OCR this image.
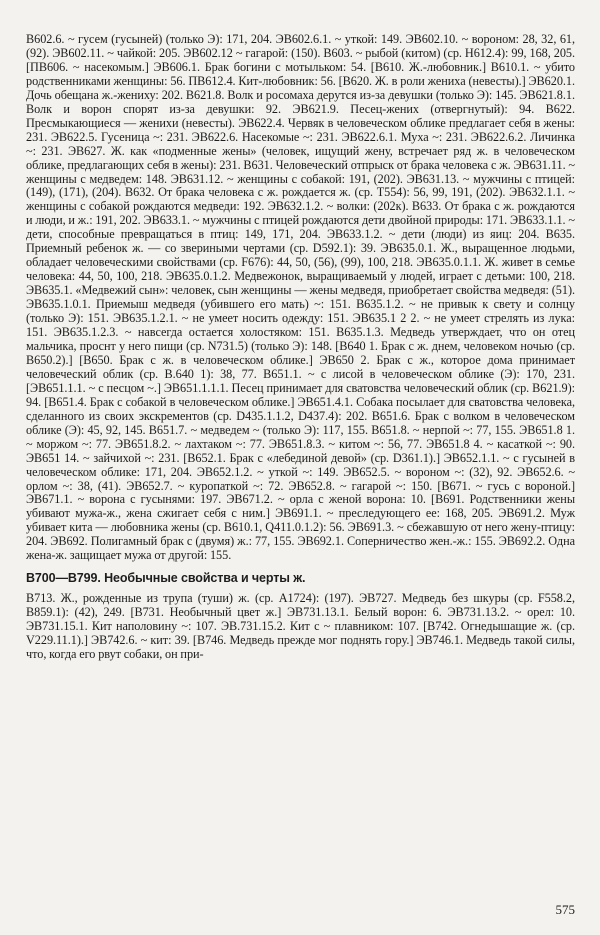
В602.6. ~ гусем (гусыней) (только Э): 171, 204. ЭВ602.6.1. ~ уткой: 149. ЭВ602.10. ~ вороном: 28, 32, 61, (92). ЭВ602.11. ~ чайкой: 205. ЭВ602.12 ~ гагарой: (150). В603. ~ рыбой (китом) (ср. Н612.4): 99, 168, 205. [ПВ606. ~ насекомым.] ЭВ606.1. Брак богини с мотыльком: 54. [В610. Ж.-любовник.] В610.1. ~ убито родственниками женщины: 56. ПВ612.4. Кит-любовник: 56. [В620. Ж. в роли жениха (невесты).] ЭВ620.1. Дочь обещана ж.-жениху: 202. В621.8. Волк и росомаха дерутся из-за девушки (только Э): 145. ЭВ621.8.1. Волк и ворон спорят из-за девушки: 92. ЭВ621.9. Песец-жених (отвергнутый): 94. В622. Пресмыкающиеся — женихи (невесты). ЭВ622.4. Червяк в человеческом облике предлагает себя в жены: 231. ЭВ622.5. Гусеница ~: 231. ЭВ622.6. Насекомые ~: 231. ЭВ622.6.1. Муха ~: 231. ЭВ622.6.2. Личинка ~: 231. ЭВ627. Ж. как «подменные жены» (человек, ищущий жену, встречает ряд ж. в человеческом облике, предлагающих себя в жены): 231. В631. Человеческий отпрыск от брака человека с ж. ЭВ631.11. ~ женщины с медведем: 148. ЭВ631.12. ~ женщины с собакой: 191, (202). ЭВ631.13. ~ мужчины с птицей: (149), (171), (204). В632. От брака человека с ж. рождается ж. (ср. Т554): 56, 99, 191, (202). ЭВ632.1.1. ~ женщины с собакой рождаются медведи: 192. ЭВ632.1.2. ~ волки: (202к). В633. От брака с ж. рождаются и люди, и ж.: 191, 202. ЭВ633.1. ~ мужчины с птицей рождаются дети двойной природы: 171. ЭВ633.1.1. ~ дети, способные превращаться в птиц: 149, 171, 204. ЭВ633.1.2. ~ дети (люди) из яиц: 204. В635. Приемный ребенок ж. — со звериными чертами (ср. D592.1): 39. ЭВ635.0.1. Ж., выращенное людьми, обладает человеческими свойствами (ср. F676): 44, 50, (56), (99), 100, 218. ЭВ635.0.1.1. Ж. живет в семье человека: 44, 50, 100, 218. ЭВ635.0.1.2. Медвежонок, выращиваемый у людей, играет с детьми: 100, 218. ЭВ635.1. «Медвежий сын»: человек, сын женщины — жены медведя, приобретает свойства медведя: (51). ЭВ635.1.0.1. Приемыш медведя (убившего его мать) ~: 151. В635.1.2. ~ не привык к свету и солнцу (только Э): 151. ЭВ635.1.2.1. ~ не умеет носить одежду: 151. ЭВ635.1 2 2. ~ не умеет стрелять из лука: 151. ЭВ635.1.2.3. ~ навсегда остается холостяком: 151. В635.1.3. Медведь утверждает, что он отец мальчика, проснт у него пищи (ср. N731.5) (только Э): 148. [В640 1. Брак с ж. днем, человеком ночью (ср. В650.2).] [В650. Брак с ж. в человеческом облике.] ЭВ650 2. Брак с ж., которое дома принимает человеческий облик (ср. В.640 1): 38, 77. В651.1. ~ с лисой в человеческом облике (Э): 170, 231. [ЭВ651.1.1. ~ с песцом ~.] ЭВ651.1.1.1. Песец принимает для сватовства человеческий облик (ср. В621.9): 94. [В651.4. Брак с собакой в человеческом облике.] ЭВ651.4.1. Собака посылает для сватовства человека, сделанного из своих экскрементов (ср. D435.1.1.2, D437.4): 202. В651.6. Брак с волком в человеческом облике (Э): 45, 92, 145. В651.7. ~ медведем ~ (только Э): 117, 155. В651.8. ~ нерпой ~: 77, 155. ЭВ651.8 1. ~ моржом ~: 77. ЭВ651.8.2. ~ лахтаком ~: 77. ЭВ651.8.3. ~ китом ~: 56, 77. ЭВ651.8 4. ~ касаткой ~: 90. ЭВ651 14. ~ зайчихой ~: 231. [В652.1. Брак с «лебединой девой» (ср. D361.1).] ЭВ652.1.1. ~ с гусыней в человеческом облике: 171, 204. ЭВ652.1.2. ~ уткой ~: 149. ЭВ652.5. ~ вороном ~: (32), 92. ЭВ652.6. ~ орлом ~: 38, (41). ЭВ652.7. ~ куропаткой ~: 72. ЭВ652.8. ~ гагарой ~: 150. [В671. ~ гусь с вороной.] ЭВ671.1. ~ ворона с гусынями: 197. ЭВ671.2. ~ орла с женой ворона: 10. [В691. Родственники жены убивают мужа-ж., жена сжигает себя с ним.] ЭВ691.1. ~ преследующего ее: 168, 205. ЭВ691.2. Муж убивает кита — любовника жены (ср. В610.1, Q411.0.1.2): 56. ЭВ691.3. ~ сбежавшую от него жену-птицу: 204. ЭВ692. Полигамный брак с (двумя) ж.: 77, 155. ЭВ692.1. Соперничество жен.-ж.: 155. ЭВ692.2. Одна жена-ж. защищает мужа от другой: 155.

В700—В799. Необычные свойства и черты ж.

В713. Ж., рожденные из трупа (туши) ж. (ср. А1724): (197). ЭВ727. Медведь без шкуры (ср. F558.2, В859.1): (42), 249. [В731. Необычный цвет ж.] ЭВ731.13.1. Белый ворон: 6. ЭВ731.13.2. ~ орел: 10. ЭВ731.15.1. Кит наполовину ~: 107. ЭВ.731.15.2. Кит с ~ плавником: 107. [В742. Огнедышащие ж. (ср. V229.11.1).] ЭВ742.6. ~ кит: 39. [В746. Медведь прежде мог поднять гору.] ЭВ746.1. Медведь такой силы, что, когда его рвут собаки, он при-

575
